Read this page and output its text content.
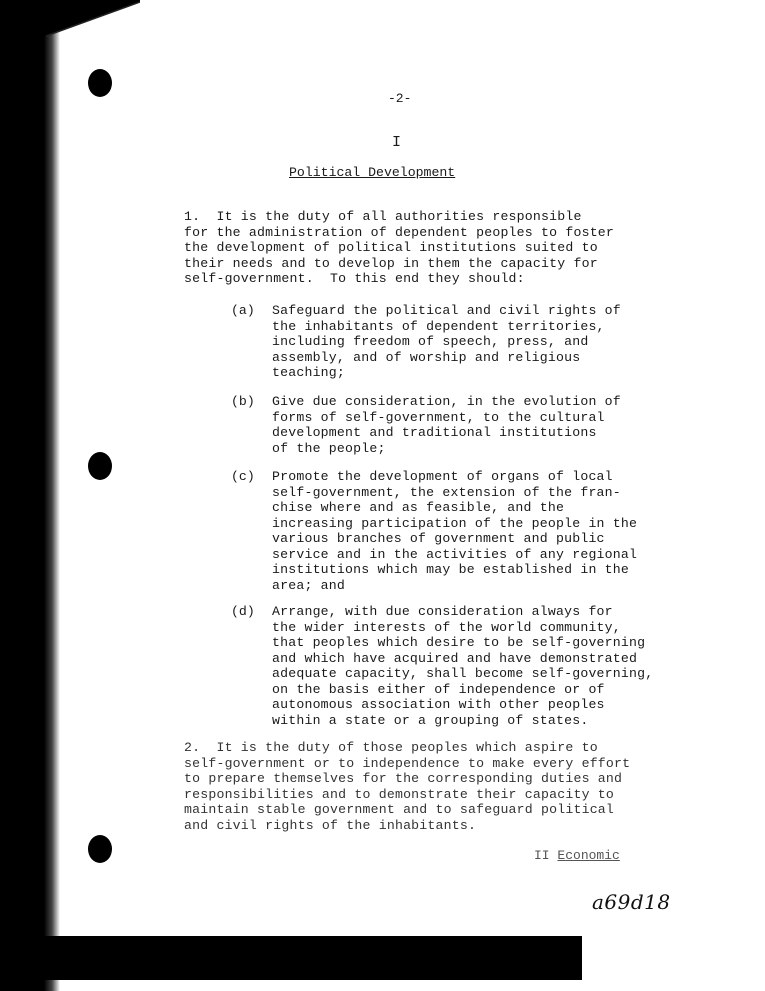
-2-
I
Political Development

1.  It is the duty of all authorities responsible
for the administration of dependent peoples to foster
the development of political institutions suited to
their needs and to develop in them the capacity for
self-government.  To this end they should:

(a) Safeguard the political and civil rights of
the inhabitants of dependent territories,
including freedom of speech, press, and
assembly, and of worship and religious
teaching;

(b) Give due consideration, in the evolution of
forms of self-government, to the cultural
development and traditional institutions
of the people;

(c) Promote the development of organs of local
self-government, the extension of the fran-
chise where and as feasible, and the
increasing participation of the people in the
various branches of government and public
service and in the activities of any regional
institutions which may be established in the
area; and

(d) Arrange, with due consideration always for
the wider interests of the world community,
that peoples which desire to be self-governing
and which have acquired and have demonstrated
adequate capacity, shall become self-governing,
on the basis either of independence or of
autonomous association with other peoples
within a state or a grouping of states.

2.  It is the duty of those peoples which aspire to
self-government or to independence to make every effort
to prepare themselves for the corresponding duties and
responsibilities and to demonstrate their capacity to
maintain stable government and to safeguard political
and civil rights of the inhabitants.

II Economic
a69d18
